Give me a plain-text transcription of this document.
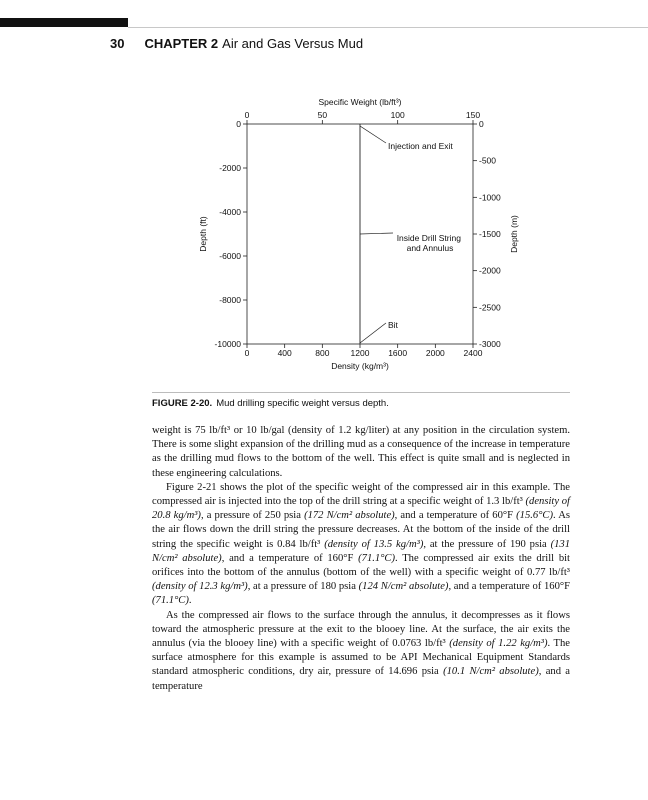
30 CHAPTER 2 Air and Gas Versus Mud
0	50	100	150
0	400	800 1200 1600 2000 2400
0
-2000
-4000
-6000
-8000
-10000
0
-500
-1000
-1500
-2000
-2500
-3000
Specific Weight (lb/ft³)
Density (kg/m³)
Depth (ft)	Depth (m)
Injection and Exit
Inside Drill String and Annulus
Bit
FIGURE 2-20. Mud drilling specific weight versus depth.

weight is 75 lb/ft³ or 10 lb/gal (density of 1.2 kg/liter) at any position in the circulation system. There is some slight expansion of the drilling mud as a consequence of the increase in temperature as the drilling mud flows to the bottom of the well. This effect is quite small and is neglected in these engineering calculations.

Figure 2-21 shows the plot of the specific weight of the compressed air in this example. The compressed air is injected into the top of the drill string at a specific weight of 1.3 lb/ft³ (density of 20.8 kg/m³), a pressure of 250 psia (172 N/cm² absolute), and a temperature of 60°F (15.6°C). As the air flows down the drill string the pressure decreases. At the bottom of the inside of the drill string the specific weight is 0.84 lb/ft³ (density of 13.5 kg/m³), at the pressure of 190 psia (131 N/cm² absolute), and a temperature of 160°F (71.1°C). The compressed air exits the drill bit orifices into the bottom of the annulus (bottom of the well) with a specific weight of 0.77 lb/ft³ (density of 12.3 kg/m³), at a pressure of 180 psia (124 N/cm² absolute), and a temperature of 160°F (71.1°C).

As the compressed air flows to the surface through the annulus, it decompresses as it flows toward the atmospheric pressure at the exit to the blooey line. At the surface, the air exits the annulus (via the blooey line) with a specific weight of 0.0763 lb/ft³ (density of 1.22 kg/m³). The surface atmosphere for this example is assumed to be API Mechanical Equipment Standards standard atmospheric conditions, dry air, pressure of 14.696 psia (10.1 N/cm² absolute), and a temperature
